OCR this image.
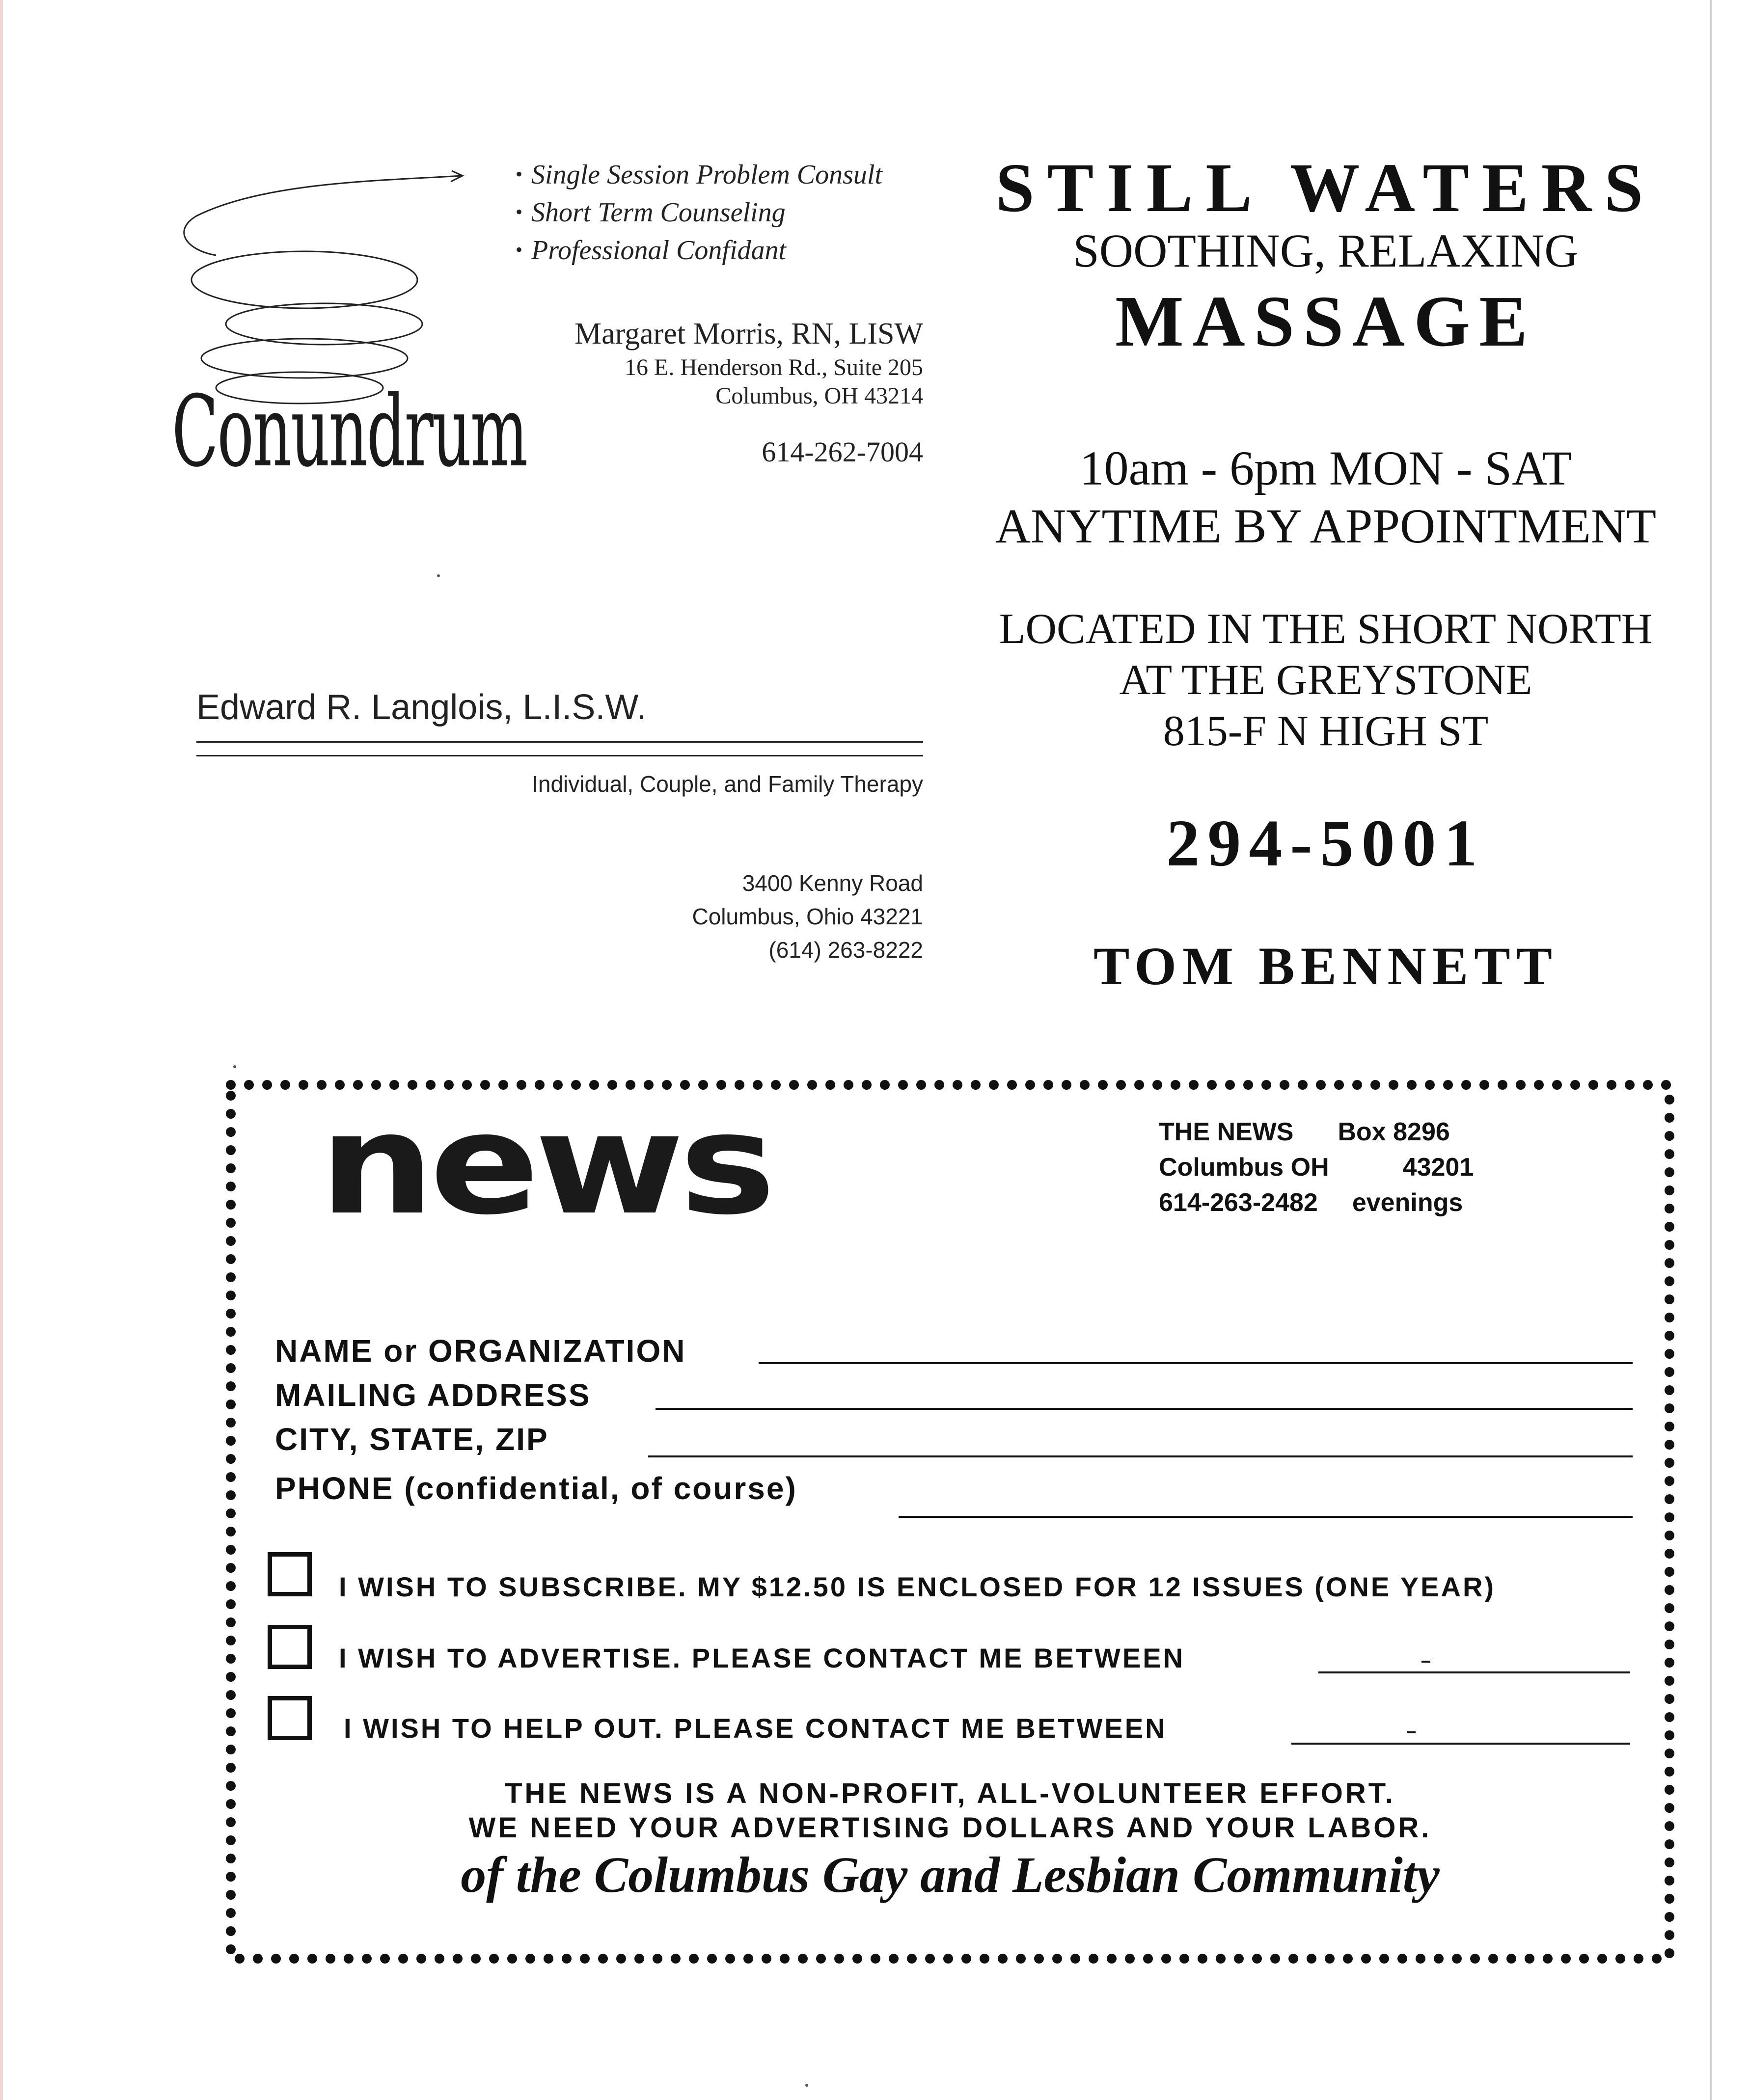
Conundrum
• Single Session Problem Consult
• Short Term Counseling
• Professional Confidant
Margaret Morris, RN, LISW
16 E. Henderson Rd., Suite 205
Columbus, OH 43214
614-262-7004
Edward R. Langlois, L.I.S.W.
Individual, Couple, and Family Therapy
3400 Kenny Road
Columbus, Ohio 43221
(614) 263-8222
STILL WATERS
SOOTHING, RELAXING
MASSAGE
10am - 6pm MON - SAT
ANYTIME BY APPOINTMENT
LOCATED IN THE SHORT NORTH
AT THE GREYSTONE
815-F N HIGH ST
294-5001
TOM BENNETT
news	THE NEWS Box 8296
Columbus OH	43201
614-263-2482 evenings
NAME or ORGANIZATION
MAILING ADDRESS
CITY, STATE, ZIP
PHONE (confidential, of course)
I WISH TO SUBSCRIBE. MY $12.50 IS ENCLOSED FOR 12 ISSUES (ONE YEAR)
I WISH TO ADVERTISE. PLEASE CONTACT ME BETWEEN
I WISH TO HELP OUT. PLEASE CONTACT ME BETWEEN
THE NEWS IS A NON-PROFIT, ALL-VOLUNTEER EFFORT.
WE NEED YOUR ADVERTISING DOLLARS AND YOUR LABOR.
of the Columbus Gay and Lesbian Community
